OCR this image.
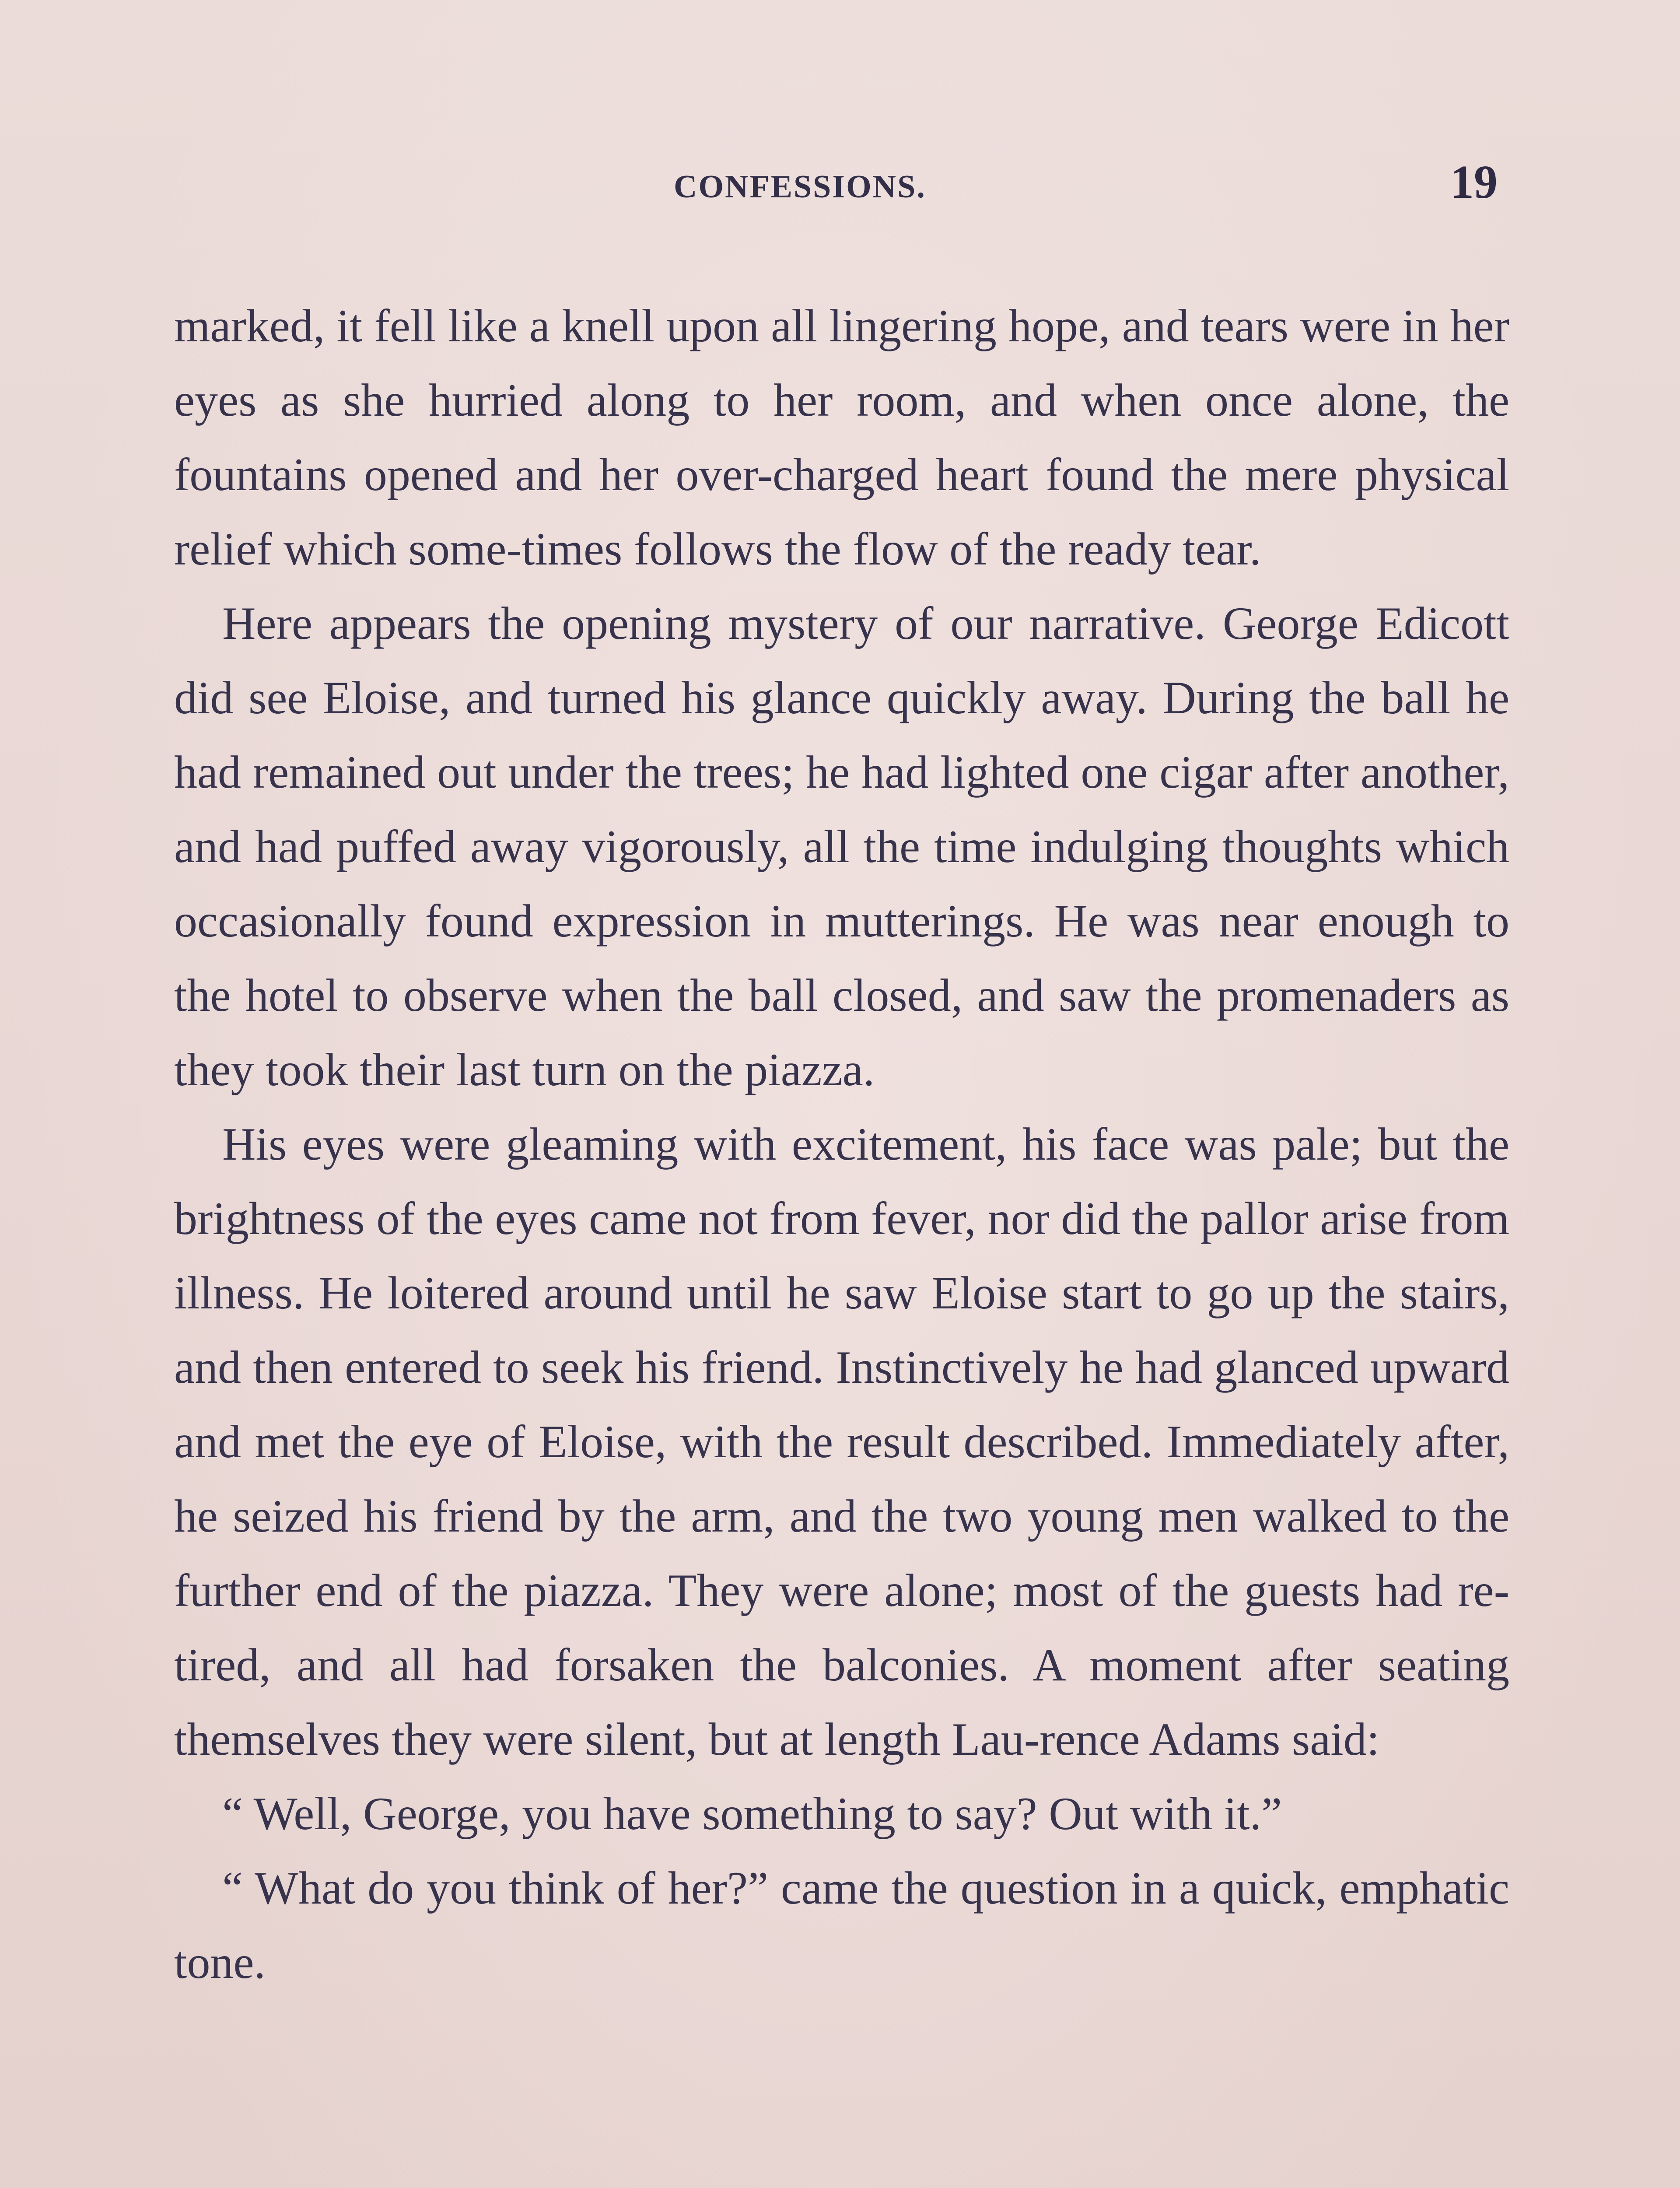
CONFESSIONS.	19

marked, it fell like a knell upon all lingering hope, and tears were in her eyes as she hurried along to her room, and when once alone, the fountains opened and her over-charged heart found the mere physical relief which some-times follows the flow of the ready tear.

Here appears the opening mystery of our narrative. George Edicott did see Eloise, and turned his glance quickly away. During the ball he had remained out under the trees; he had lighted one cigar after another, and had puffed away vigorously, all the time indulging thoughts which occasionally found expression in mutterings. He was near enough to the hotel to observe when the ball closed, and saw the promenaders as they took their last turn on the piazza.

His eyes were gleaming with excitement, his face was pale; but the brightness of the eyes came not from fever, nor did the pallor arise from illness. He loitered around until he saw Eloise start to go up the stairs, and then entered to seek his friend. Instinctively he had glanced upward and met the eye of Eloise, with the result described. Immediately after, he seized his friend by the arm, and the two young men walked to the further end of the piazza. They were alone; most of the guests had re-tired, and all had forsaken the balconies. A moment after seating themselves they were silent, but at length Lau-rence Adams said:

“ Well, George, you have something to say? Out with it.”

“ What do you think of her?” came the question in a quick, emphatic tone.
